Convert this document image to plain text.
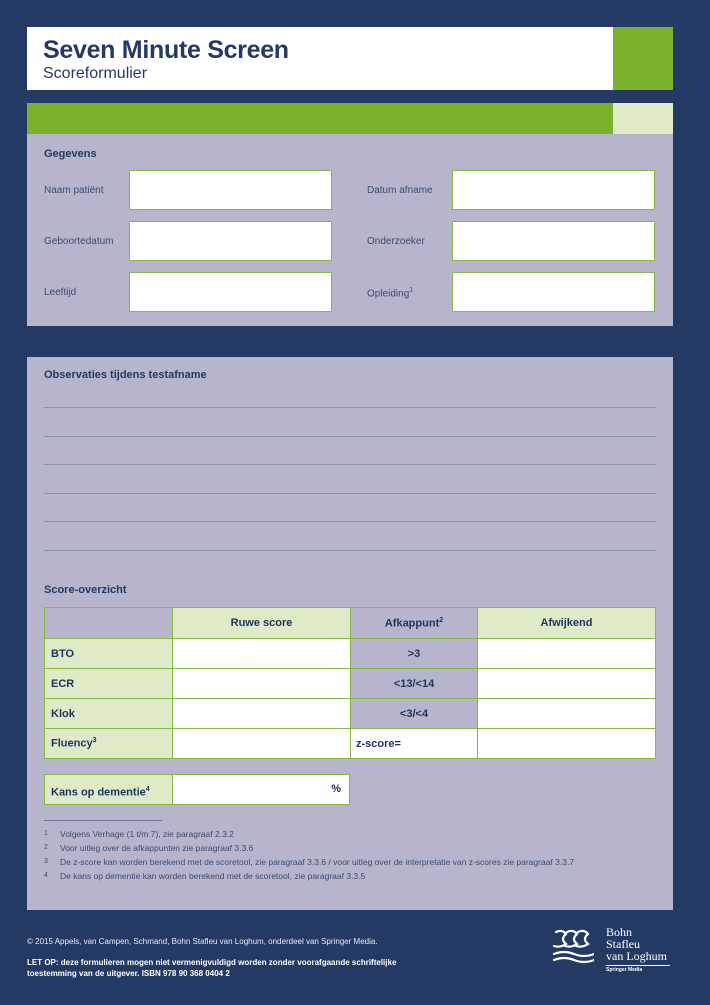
Seven Minute Screen
Scoreformulier
Gegevens
Naam patiënt
Geboortedatum
Leeftijd
Datum afname
Onderzoeker
Opleiding$^1$
Observaties tijdens testafname
Score-overzicht
	Ruwe score	Afkappunt$^2$	Afwijkend
BTO		>3	
ECR		<13/<14	
Klok		<3/<4	
Fluency$^3$		z-score=	
Kans op dementie$^4$	%
1	Volgens Verhage (1 t/m 7), zie paragraaf 2.3.2
2	Voor uitleg over de afkappunten zie paragraaf 3.3.6
3	De z-score kan worden berekend met de scoretool, zie paragraaf 3.3.6 / voor uitleg over de interpretatie van z-scores zie paragraaf 3.3.7
4	De kans op dementie kan worden berekend met de scoretool, zie paragraaf 3.3.5
© 2015 Appels, van Campen, Schmand, Bohn Stafleu van Loghum, onderdeel van Springer Media.
LET OP: deze formulieren mogen niet vermenigvuldigd worden zonder voorafgaande schriftelijke toestemming van de uitgever. ISBN 978 90 368 0404 2
Bohn
Stafleu
van Loghum
Springer Media
